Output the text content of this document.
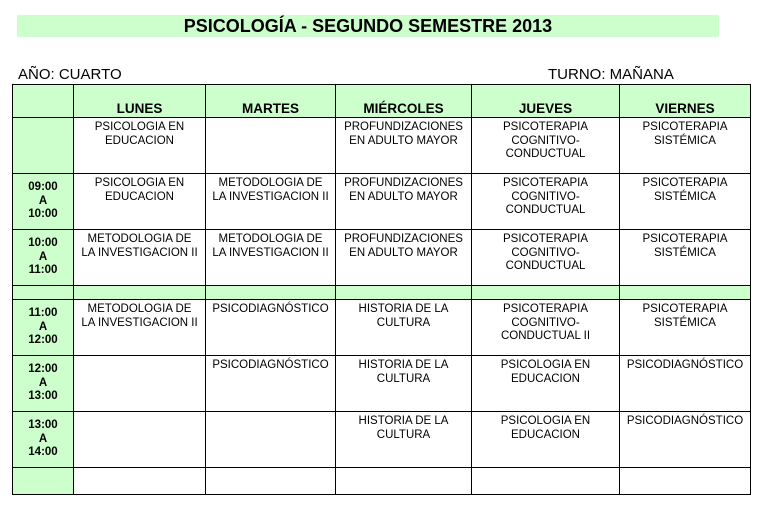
PSICOLOGÍA - SEGUNDO SEMESTRE 2013
AÑO: CUARTO	TURNO: MAÑANA
	LUNES	MARTES	MIÉRCOLES	JUEVES	VIERNES

	PSICOLOGIA EN
EDUCACION		PROFUNDIZACIONES
EN ADULTO MAYOR	PSICOTERAPIA
COGNITIVO-
CONDUCTUAL	PSICOTERAPIA
SISTÉMICA

09:00
A
10:00	PSICOLOGIA EN
EDUCACION	METODOLOGIA DE
LA INVESTIGACION II	PROFUNDIZACIONES
EN ADULTO MAYOR	PSICOTERAPIA
COGNITIVO-
CONDUCTUAL	PSICOTERAPIA
SISTÉMICA

10:00
A
11:00	METODOLOGIA DE
LA INVESTIGACION II	METODOLOGIA DE
LA INVESTIGACION II	PROFUNDIZACIONES
EN ADULTO MAYOR	PSICOTERAPIA
COGNITIVO-
CONDUCTUAL	PSICOTERAPIA
SISTÉMICA

11:00
A
12:00	METODOLOGIA DE
LA INVESTIGACION II	PSICODIAGNÓSTICO	HISTORIA DE LA
CULTURA	PSICOTERAPIA
COGNITIVO-
CONDUCTUAL II	PSICOTERAPIA
SISTÉMICA

12:00
A
13:00		PSICODIAGNÓSTICO	HISTORIA DE LA
CULTURA	PSICOLOGIA EN
EDUCACION	PSICODIAGNÓSTICO

13:00
A
14:00			HISTORIA DE LA
CULTURA	PSICOLOGIA EN
EDUCACION	PSICODIAGNÓSTICO
